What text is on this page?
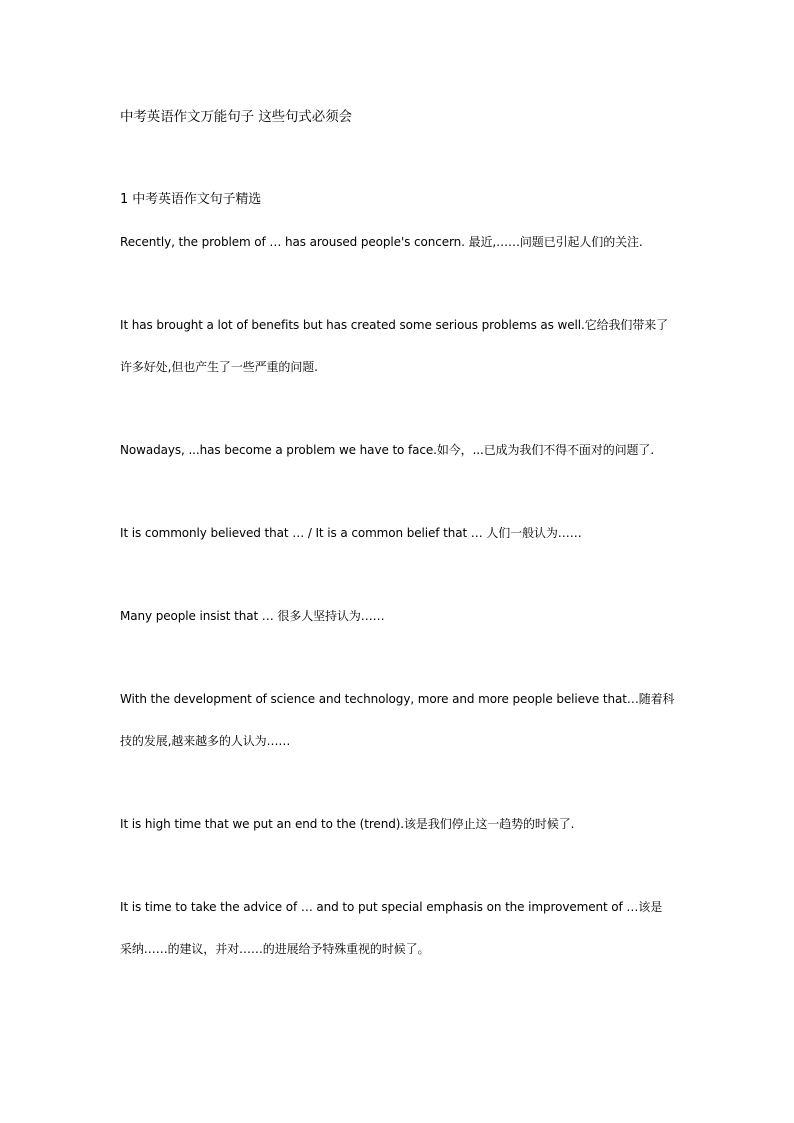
中考英语作文万能句子 这些句式必须会
1 中考英语作文句子精选
Recently, the problem of … has aroused people's concern. 最近,……问题已引起人们的关注.
It has brought a lot of benefits but has created some serious problems as well.它给我们带来了
许多好处,但也产生了一些严重的问题.
Nowadays, ...has become a problem we have to face.如今，...已成为我们不得不面对的问题了.
It is commonly believed that … / It is a common belief that … 人们一般认为……
Many people insist that … 很多人坚持认为……
With the development of science and technology, more and more people believe that…随着科
技的发展,越来越多的人认为……
It is high time that we put an end to the (trend).该是我们停止这一趋势的时候了.
It is time to take the advice of … and to put special emphasis on the improvement of …该是
采纳……的建议，并对……的进展给予特殊重视的时候了。
